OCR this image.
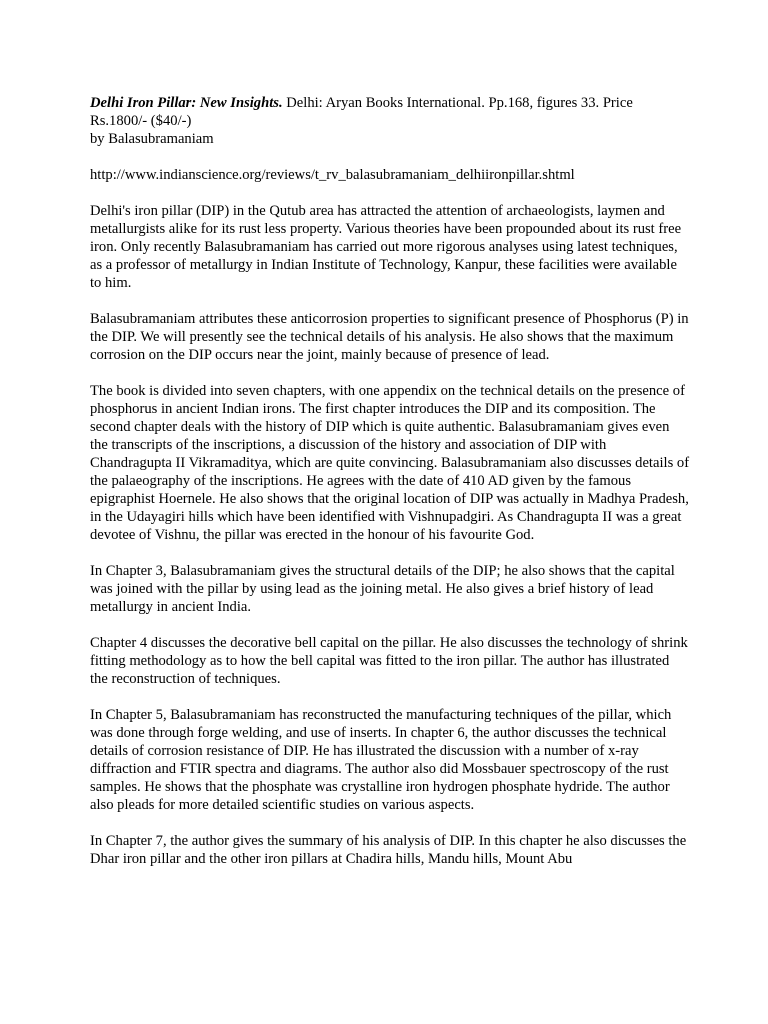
Delhi Iron Pillar: New Insights. Delhi: Aryan Books International. Pp.168, figures 33. Price Rs.1800/- ($40/-)
by Balasubramaniam

http://www.indianscience.org/reviews/t_rv_balasubramaniam_delhiironpillar.shtml

Delhi's iron pillar (DIP) in the Qutub area has attracted the attention of archaeologists, laymen and metallurgists alike for its rust less property. Various theories have been propounded about its rust free iron. Only recently Balasubramaniam has carried out more rigorous analyses using latest techniques, as a professor of metallurgy in Indian Institute of Technology, Kanpur, these facilities were available to him.

Balasubramaniam attributes these anticorrosion properties to significant presence of Phosphorus (P) in the DIP. We will presently see the technical details of his analysis. He also shows that the maximum corrosion on the DIP occurs near the joint, mainly because of presence of lead.

The book is divided into seven chapters, with one appendix on the technical details on the presence of phosphorus in ancient Indian irons. The first chapter introduces the DIP and its composition. The second chapter deals with the history of DIP which is quite authentic. Balasubramaniam gives even the transcripts of the inscriptions, a discussion of the history and association of DIP with Chandragupta II Vikramaditya, which are quite convincing. Balasubramaniam also discusses details of the palaeography of the inscriptions. He agrees with the date of 410 AD given by the famous epigraphist Hoernele. He also shows that the original location of DIP was actually in Madhya Pradesh, in the Udayagiri hills which have been identified with Vishnupadgiri. As Chandragupta II was a great devotee of Vishnu, the pillar was erected in the honour of his favourite God.

In Chapter 3, Balasubramaniam gives the structural details of the DIP; he also shows that the capital was joined with the pillar by using lead as the joining metal. He also gives a brief history of lead metallurgy in ancient India.

Chapter 4 discusses the decorative bell capital on the pillar. He also discusses the technology of shrink fitting methodology as to how the bell capital was fitted to the iron pillar. The author has illustrated the reconstruction of techniques.

In Chapter 5, Balasubramaniam has reconstructed the manufacturing techniques of the pillar, which was done through forge welding, and use of inserts. In chapter 6, the author discusses the technical details of corrosion resistance of DIP. He has illustrated the discussion with a number of x-ray diffraction and FTIR spectra and diagrams. The author also did Mossbauer spectroscopy of the rust samples. He shows that the phosphate was crystalline iron hydrogen phosphate hydride. The author also pleads for more detailed scientific studies on various aspects.

In Chapter 7, the author gives the summary of his analysis of DIP. In this chapter he also discusses the Dhar iron pillar and the other iron pillars at Chadira hills, Mandu hills, Mount Abu
